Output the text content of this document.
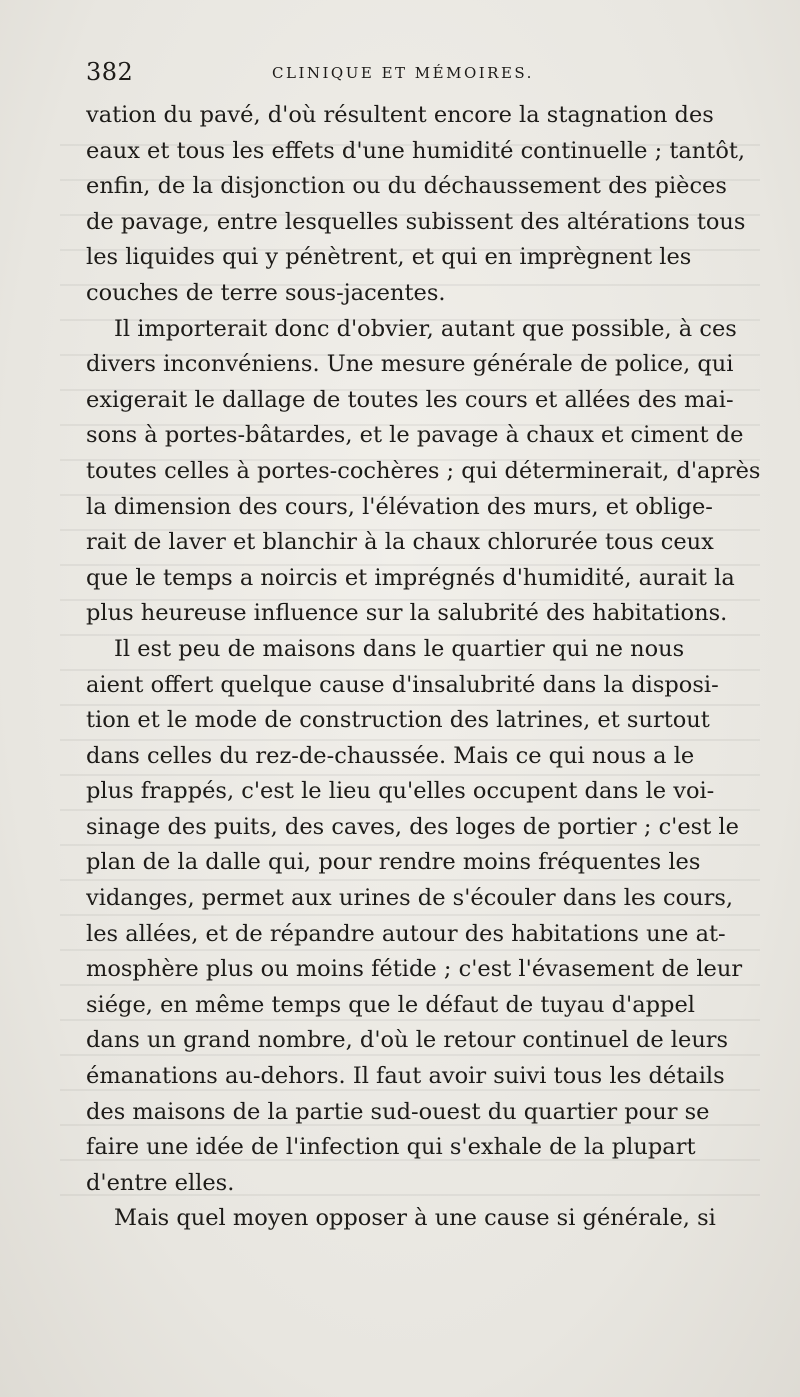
382	CLINIQUE ET MÉMOIRES.
vation du pavé, d'où résultent encore la stagnation des
eaux et tous les effets d'une humidité continuelle ; tantôt,
enfin, de la disjonction ou du déchaussement des pièces
de pavage, entre lesquelles subissent des altérations tous
les liquides qui y pénètrent, et qui en imprègnent les
couches de terre sous-jacentes.
Il importerait donc d'obvier, autant que possible, à ces
divers inconvéniens. Une mesure générale de police, qui
exigerait le dallage de toutes les cours et allées des mai-
sons à portes-bâtardes, et le pavage à chaux et ciment de
toutes celles à portes-cochères ; qui déterminerait, d'après
la dimension des cours, l'élévation des murs, et oblige-
rait de laver et blanchir à la chaux chlorurée tous ceux
que le temps a noircis et imprégnés d'humidité, aurait la
plus heureuse influence sur la salubrité des habitations.
Il est peu de maisons dans le quartier qui ne nous
aient offert quelque cause d'insalubrité dans la disposi-
tion et le mode de construction des latrines, et surtout
dans celles du rez-de-chaussée. Mais ce qui nous a le
plus frappés, c'est le lieu qu'elles occupent dans le voi-
sinage des puits, des caves, des loges de portier ; c'est le
plan de la dalle qui, pour rendre moins fréquentes les
vidanges, permet aux urines de s'écouler dans les cours,
les allées, et de répandre autour des habitations une at-
mosphère plus ou moins fétide ; c'est l'évasement de leur
siége, en même temps que le défaut de tuyau d'appel
dans un grand nombre, d'où le retour continuel de leurs
émanations au-dehors. Il faut avoir suivi tous les détails
des maisons de la partie sud-ouest du quartier pour se
faire une idée de l'infection qui s'exhale de la plupart
d'entre elles.
Mais quel moyen opposer à une cause si générale, si
